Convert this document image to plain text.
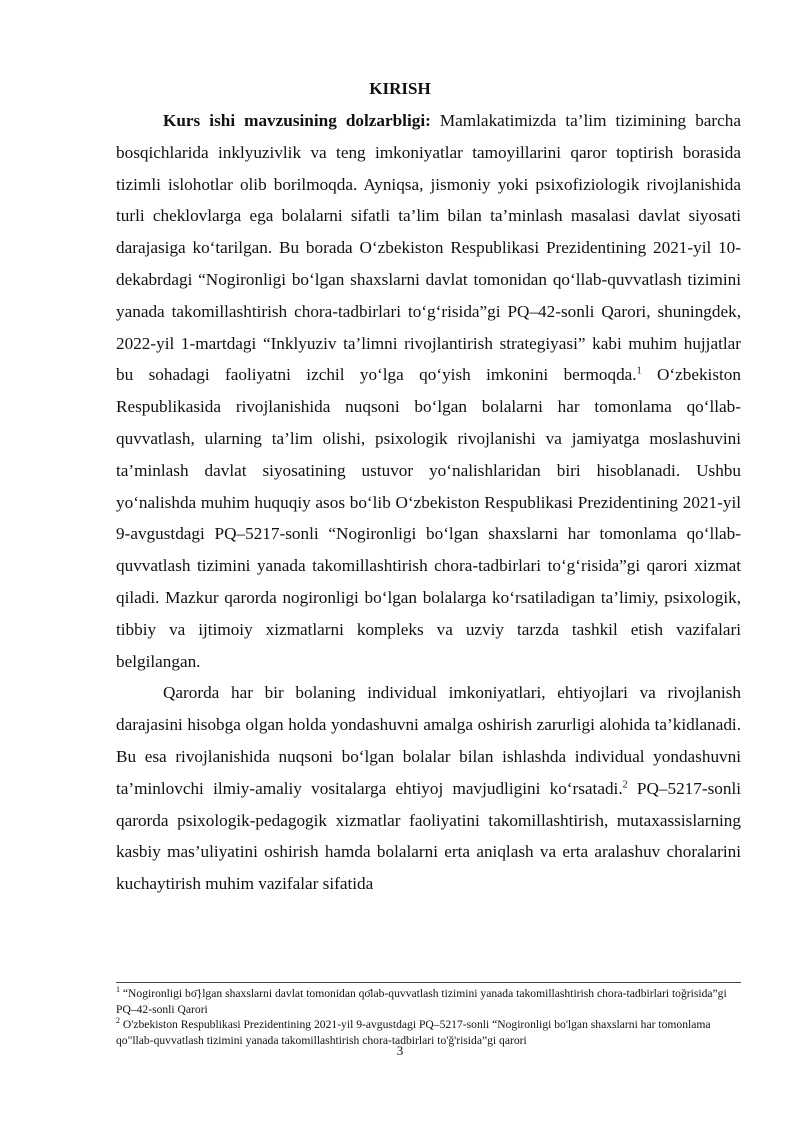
KIRISH

Kurs ishi mavzusining dolzarbligi: Mamlakatimizda ta’lim tizimining barcha bosqichlarida inklyuzivlik va teng imkoniyatlar tamoyillarini qaror toptirish borasida tizimli islohotlar olib borilmoqda. Ayniqsa, jismoniy yoki psixofiziologik rivojlanishida turli cheklovlarga ega bolalarni sifatli ta’lim bilan ta’minlash masalasi davlat siyosati darajasiga ko‘tarilgan. Bu borada O‘zbekiston Respublikasi Prezidentining 2021-yil 10-dekabrdagi “Nogironligi bo‘lgan shaxslarni davlat tomonidan qo‘llab-quvvatlash tizimini yanada takomillashtirish chora-tadbirlari to‘g‘risida”gi PQ–42-sonli Qarori, shuningdek, 2022-yil 1-martdagi “Inklyuziv ta’limni rivojlantirish strategiyasi” kabi muhim hujjatlar bu sohadagi faoliyatni izchil yo‘lga qo‘yish imkonini bermoqda.$^1$ O‘zbekiston Respublikasida rivojlanishida nuqsoni bo‘lgan bolalarni har tomonlama qo‘llab-quvvatlash, ularning ta’lim olishi, psixologik rivojlanishi va jamiyatga moslashuvini ta’minlash davlat siyosatining ustuvor yo‘nalishlaridan biri hisoblanadi. Ushbu yo‘nalishda muhim huquqiy asos bo‘lib O‘zbekiston Respublikasi Prezidentining 2021-yil 9-avgustdagi PQ–5217-sonli “Nogironligi bo‘lgan shaxslarni har tomonlama qo‘llab-quvvatlash tizimini yanada takomillashtirish chora-tadbirlari to‘g‘risida”gi qarori xizmat qiladi. Mazkur qarorda nogironligi bo‘lgan bolalarga ko‘rsatiladigan ta’limiy, psixologik, tibbiy va ijtimoiy xizmatlarni kompleks va uzviy tarzda tashkil etish vazifalari belgilangan.

Qarorda har bir bolaning individual imkoniyatlari, ehtiyojlari va rivojlanish darajasini hisobga olgan holda yondashuvni amalga oshirish zarurligi alohida ta’kidlanadi. Bu esa rivojlanishida nuqsoni bo‘lgan bolalar bilan ishlashda individual yondashuvni ta’minlovchi ilmiy-amaliy vositalarga ehtiyoj mavjudligini ko‘rsatadi.$^2$ PQ–5217-sonli qarorda psixologik-pedagogik xizmatlar faoliyatini takomillashtirish, mutaxassislarning kasbiy mas’uliyatini oshirish hamda bolalarni erta aniqlash va erta aralashuv choralarini kuchaytirish muhim vazifalar sifatida

$^1$ “Nogironligi bо̄}lgan shaxslarni davlat tomonidan qо̄lab-quvvatlash tizimini yanada takomillashtirish chora-tadbirlari toǧrisida”gi PQ–42-sonli Qarori

$^2$ O'zbekiston Respublikasi Prezidentining 2021-yil 9-avgustdagi PQ–5217-sonli “Nogironligi bo'lgan shaxslarni har tomonlama qo"llab-quvvatlash tizimini yanada takomillashtirish chora-tadbirlari to'ǧ'risida”gi qarori

3
